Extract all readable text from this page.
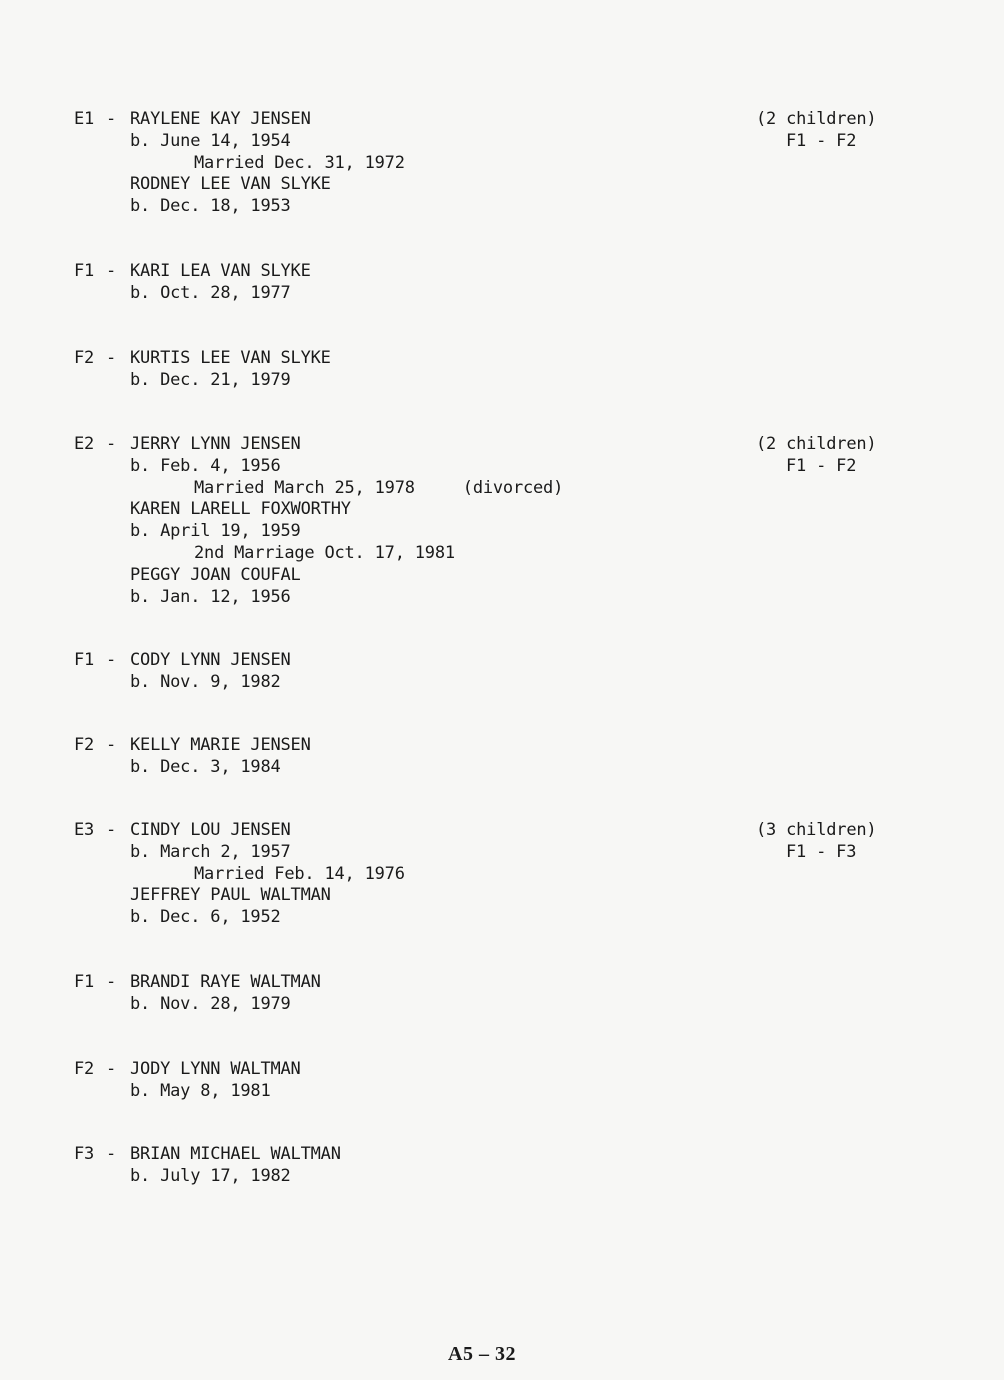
E1 - RAYLENE KAY JENSEN
b. June 14, 1954
Married Dec. 31, 1972
RODNEY LEE VAN SLYKE
b. Dec. 18, 1953
(2 children)
F1 - F2
F1 - KARI LEA VAN SLYKE
b. Oct. 28, 1977
F2 - KURTIS LEE VAN SLYKE
b. Dec. 21, 1979
E2 - JERRY LYNN JENSEN
b. Feb. 4, 1956
Married March 25, 1978	(divorced)
KAREN LARELL FOXWORTHY
b. April 19, 1959
2nd Marriage Oct. 17, 1981
PEGGY JOAN COUFAL
b. Jan. 12, 1956
(2 children)
F1 - F2
F1 - CODY LYNN JENSEN
b. Nov. 9, 1982
F2 - KELLY MARIE JENSEN
b. Dec. 3, 1984
E3 - CINDY LOU JENSEN
b. March 2, 1957
Married Feb. 14, 1976
JEFFREY PAUL WALTMAN
b. Dec. 6, 1952
(3 children)
F1 - F3
F1 - BRANDI RAYE WALTMAN
b. Nov. 28, 1979
F2 - JODY LYNN WALTMAN
b. May 8, 1981
F3 - BRIAN MICHAEL WALTMAN
b. July 17, 1982
A5 – 32
